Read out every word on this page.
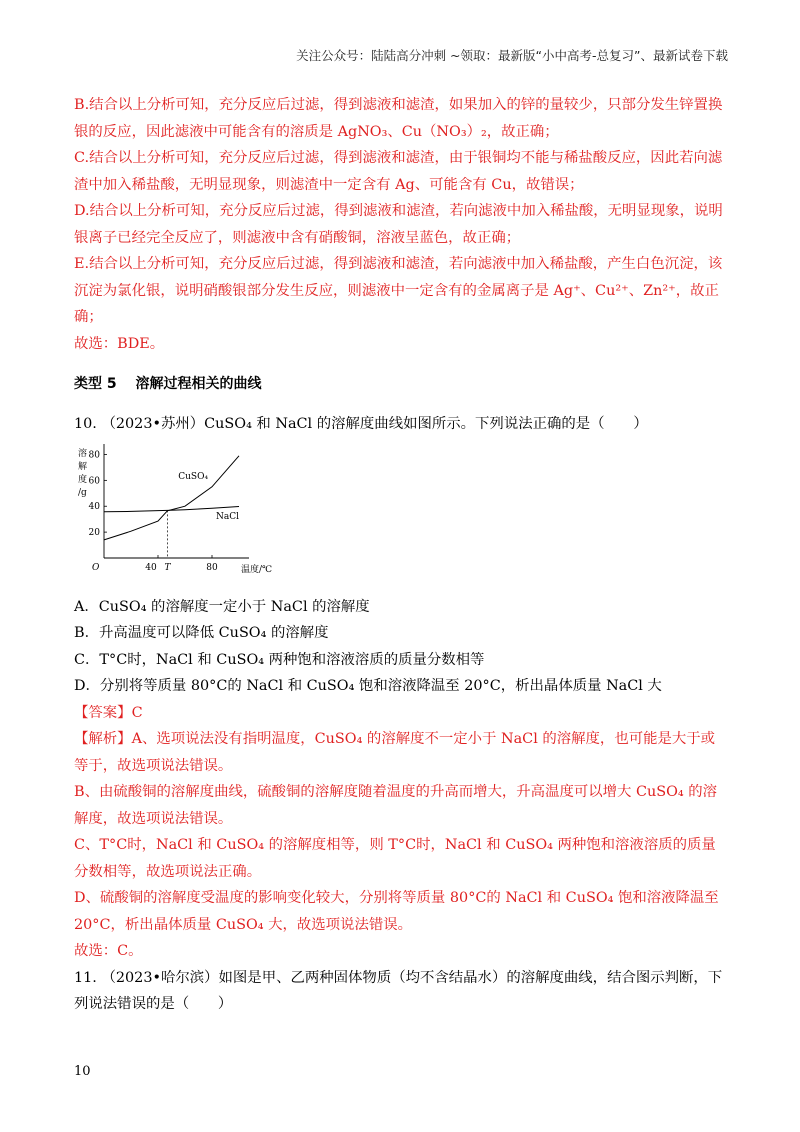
关注公众号：陆陆高分冲刺 ~领取：最新版“小中高考-总复习”、最新试卷下载

B.结合以上分析可知，充分反应后过滤，得到滤液和滤渣，如果加入的锌的量较少，只部分发生锌置换银的反应，因此滤液中可能含有的溶质是 AgNO₃、Cu（NO₃）₂，故正确；

C.结合以上分析可知，充分反应后过滤，得到滤液和滤渣，由于银铜均不能与稀盐酸反应，因此若向滤渣中加入稀盐酸，无明显现象，则滤渣中一定含有 Ag、可能含有 Cu，故错误；

D.结合以上分析可知，充分反应后过滤，得到滤液和滤渣，若向滤液中加入稀盐酸，无明显现象，说明银离子已经完全反应了，则滤液中含有硝酸铜，溶液呈蓝色，故正确；

E.结合以上分析可知，充分反应后过滤，得到滤液和滤渣，若向滤液中加入稀盐酸，产生白色沉淀，该沉淀为氯化银，说明硝酸银部分发生反应，则滤液中一定含有的金属离子是 Ag⁺、Cu²⁺、Zn²⁺，故正确；

故选：BDE。

类型 5　 溶解过程相关的曲线

10. （2023•苏州）CuSO₄ 和 NaCl 的溶解度曲线如图所示。下列说法正确的是（　　）

溶
解
度
/g
20
40
60
80
40 T	80
O	温度/℃
CuSO₄
NaCl

A．CuSO₄ 的溶解度一定小于 NaCl 的溶解度

B．升高温度可以降低 CuSO₄ 的溶解度

C．T°C时，NaCl 和 CuSO₄ 两种饱和溶液溶质的质量分数相等

D．分别将等质量 80°C的 NaCl 和 CuSO₄ 饱和溶液降温至 20°C，析出晶体质量 NaCl 大

【答案】C

【解析】A、选项说法没有指明温度，CuSO₄ 的溶解度不一定小于 NaCl 的溶解度，也可能是大于或等于，故选项说法错误。

B、由硫酸铜的溶解度曲线，硫酸铜的溶解度随着温度的升高而增大，升高温度可以增大 CuSO₄ 的溶解度，故选项说法错误。

C、T°C时，NaCl 和 CuSO₄ 的溶解度相等，则 T°C时，NaCl 和 CuSO₄ 两种饱和溶液溶质的质量分数相等，故选项说法正确。

D、硫酸铜的溶解度受温度的影响变化较大，分别将等质量 80°C的 NaCl 和 CuSO₄ 饱和溶液降温至 20°C，析出晶体质量 CuSO₄ 大，故选项说法错误。

故选：C。

11. （2023•哈尔滨）如图是甲、乙两种固体物质（均不含结晶水）的溶解度曲线，结合图示判断，下列说法错误的是（　　）

10
